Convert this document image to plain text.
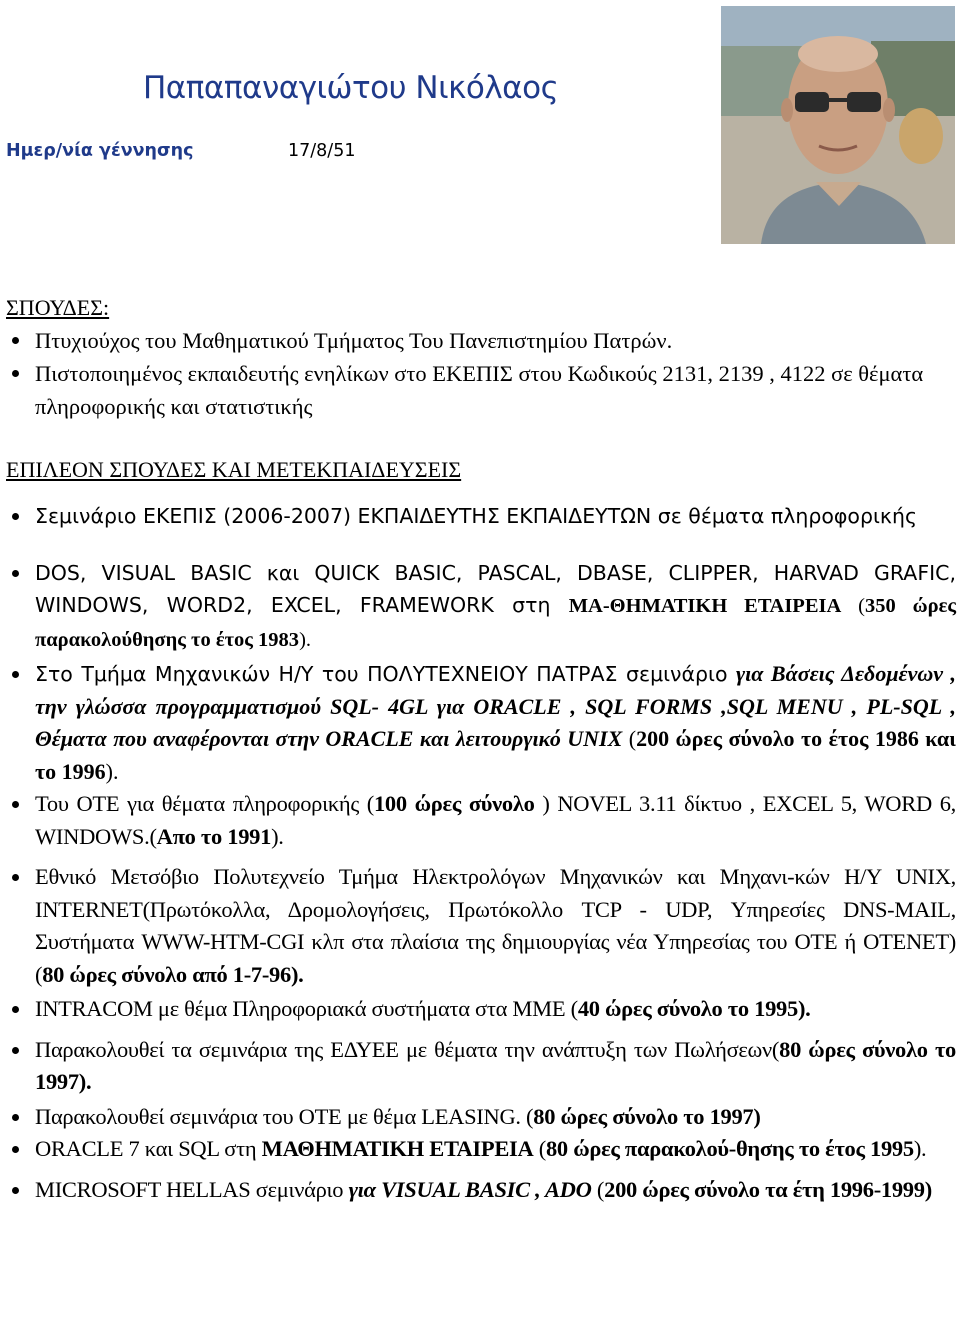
Παπαπαναγιώτου Νικόλαος
Ημερ/νία γέννησης	17/8/51
ΣΠΟΥΔΕΣ:
Πτυχιούχος του Μαθηματικού Τμήματος Του Πανεπιστημίου Πατρών.
Πιστοποιημένος εκπαιδευτής ενηλίκων στο ΕΚΕΠΙΣ στου Κωδικούς 2131, 2139 , 4122 σε θέματα πληροφορικής και στατιστικής
ΕΠΙΛΕΟΝ ΣΠΟΥΔΕΣ ΚΑΙ ΜΕΤΕΚΠΑΙΔΕΥΣΕΙΣ
Σεμινάριο ΕΚΕΠΙΣ (2006-2007) ΕΚΠΑΙΔΕΥΤΗΣ ΕΚΠΑΙΔΕΥΤΩΝ σε θέματα πληροφορικής
DOS, VISUAL BASIC και QUICK BASIC, PASCAL, DBASE, CLIPPER, HARVAD GRAFIC, WINDOWS, WORD2, EXCEL, FRAMEWORK στη ΜΑ-ΘΗΜΑΤΙΚΗ ΕΤΑΙΡΕΙΑ (350 ώρες παρακολούθησης το έτος 1983).
Στο Τμήμα Μηχανικών Η/Υ του ΠΟΛΥΤΕΧΝΕΙΟΥ ΠΑΤΡΑΣ σεμινάριο για Βάσεις Δεδομένων , την γλώσσα προγραμματισμού SQL- 4GL για ORACLE , SQL FORMS ,SQL MENU , PL-SQL , Θέματα που αναφέρονται στην ORACLE και λειτουργικό UNIX (200 ώρες σύνολο το έτος 1986 και το 1996).
Του ΟΤΕ για θέματα πληροφορικής (100 ώρες σύνολο ) NOVEL 3.11 δίκτυο , EXCEL 5, WORD 6, WINDOWS.(Απο το 1991).
Εθνικό Μετσόβιο Πολυτεχνείο Τμήμα Ηλεκτρολόγων Μηχανικών και Μηχανι-κών Η/Υ UNIX, INTERNET(Πρωτόκολλα, Δρομολογήσεις, Πρωτόκολλο TCP - UDP, Υπηρεσίες DNS-MAIL, Συστήματα WWW-HTM-CGI κλπ στα πλαίσια της δημιουργίας νέα Υπηρεσίας του ΟΤΕ ή OTENET) (80 ώρες σύνολο από 1-7-96).
INTRACOM με θέμα Πληροφοριακά συστήματα στα ΜΜΕ (40 ώρες σύνολο το 1995).
Παρακολουθεί τα σεμινάρια της ΕΔΥΕΕ με θέματα την ανάπτυξη των Πωλήσεων(80 ώρες σύνολο το 1997).
Παρακολουθεί σεμινάρια του ΟΤΕ με θέμα LEASING. (80 ώρες σύνολο το 1997)
ORACLE 7 και SQL στη ΜΑΘΗΜΑΤΙΚΗ ΕΤΑΙΡΕΙΑ (80 ώρες παρακολού-θησης το έτος 1995).
MICROSOFT HELLAS σεμινάριο για VISUAL BASIC , ADO (200 ώρες σύνολο τα έτη 1996-1999)
